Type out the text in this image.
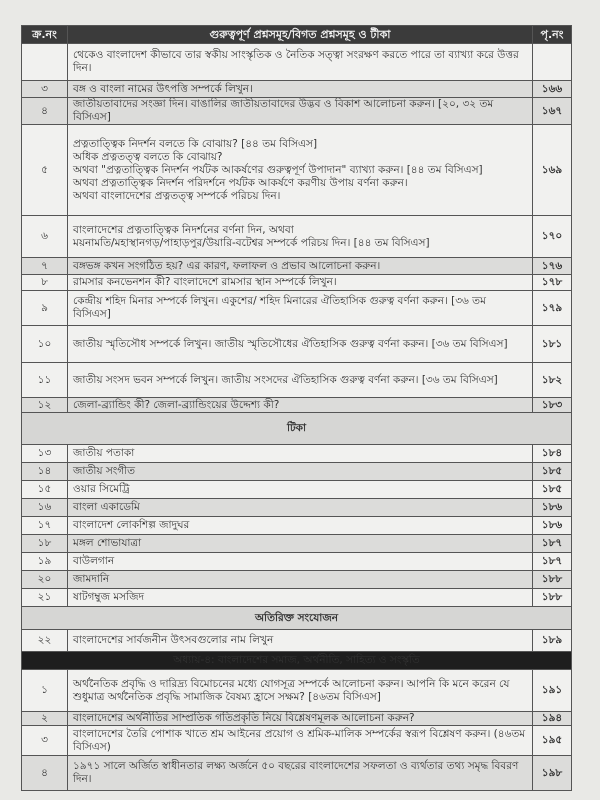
ক্র.নং	গুরুত্বপূর্ণ প্রশ্নসমূহ/বিগত প্রশ্নসমূহ ও টীকা	পৃ.নং
	থেকেও বাংলাদেশ কীভাবে তার স্বকীয় সাংস্কৃতিক ও নৈতিক সত্ত্বা সংরক্ষণ করতে পারে তা ব্যাখ্যা করে উত্তর দিন।	
৩	বঙ্গ ও বাংলা নামের উৎপত্তি সম্পর্কে লিখুন।	১৬৬
৪	জাতীয়তাবাদের সংজ্ঞা দিন। বাঙালির জাতীয়তাবাদের উদ্ভব ও বিকাশ আলোচনা করুন। [২০, ৩২ তম বিসিএস]	১৬৭
৫	প্রত্নতাত্ত্বিক নিদর্শন বলতে কি বোঝায়? [৪৪ তম বিসিএস]
অধিক প্রত্নতত্ত্ব বলতে কি বোঝায়?
অথবা "প্রত্নতাত্ত্বিক নিদর্শন পর্যটক আকর্ষণের গুরুত্বপূর্ণ উপাদান" ব্যাখ্যা করুন। [৪৪ তম বিসিএস]
অথবা প্রত্নতাত্ত্বিক নিদর্শন পরিদর্শনে পর্যটক আকর্ষণে করণীয় উপায় বর্ণনা করুন।
অথবা বাংলাদেশের প্রত্নতত্ত্ব সম্পর্কে পরিচয় দিন।	১৬৯
৬	বাংলাদেশের প্রত্নতাত্ত্বিক নিদর্শনের বর্ণনা দিন, অথবা
ময়নামতি/মহাস্থানগড়/পাহাড়পুর/উয়ারি-বটেশ্বর সম্পর্কে পরিচয় দিন। [৪৪ তম বিসিএস]	১৭০
৭	বঙ্গভঙ্গ কখন সংগঠিত হয়? এর কারণ, ফলাফল ও প্রভাব আলোচনা করুন।	১৭৬
৮	রামসার কনভেনশন কী? বাংলাদেশে রামসার স্থান সম্পর্কে লিখুন।	১৭৮
৯	কেন্দ্রীয় শহিদ মিনার সম্পর্কে লিখুন। একুশের/ শহিদ মিনারের ঐতিহাসিক গুরুত্ব বর্ণনা করুন। [৩৬ তম বিসিএস]	১৭৯
১০	জাতীয় স্মৃতিসৌধ সম্পর্কে লিখুন। জাতীয় স্মৃতিসৌধের ঐতিহাসিক গুরুত্ব বর্ণনা করুন। [৩৬ তম বিসিএস]	১৮১
১১	জাতীয় সংসদ ভবন সম্পর্কে লিখুন। জাতীয় সংসদের ঐতিহাসিক গুরুত্ব বর্ণনা করুন। [৩৬ তম বিসিএস]	১৮২
১২	জেলা-ব্র্যান্ডিং কী? জেলা-ব্র্যান্ডিংয়ের উদ্দেশ্য কী?	১৮৩
টিকা		
১৩	জাতীয় পতাকা	১৮৪
১৪	জাতীয় সংগীত	১৮৫
১৫	ওয়ার সিমেট্রি	১৮৫
১৬	বাংলা একাডেমি	১৮৬
১৭	বাংলাদেশ লোকশিল্প জাদুঘর	১৮৬
১৮	মঙ্গল শোভাযাত্রা	১৮৭
১৯	বাউলগান	১৮৭
২০	জামদানি	১৮৮
২১	ষাটগম্বুজ মসজিদ	১৮৮
অতিরিক্ত সংযোজন		
২২	বাংলাদেশের সার্বজনীন উৎসবগুলোর নাম লিখুন	১৮৯
অধ্যায়-৪: বাংলাদেশের সমাজ, অর্থনীতি, সাহিত্য ও সংস্কৃতি		
১	অর্থনৈতিক প্রবৃদ্ধি ও দারিদ্র্য বিমোচনের মধ্যে যোগসূত্র সম্পর্কে আলোচনা করুন। আপনি কি মনে করেন যে শুধুমাত্র অর্থনৈতিক প্রবৃদ্ধি সামাজিক বৈষম্য হ্রাসে সক্ষম? [৪৬তম বিসিএস]	১৯১
২	বাংলাদেশের অর্থনীতির সাম্প্রতিক গতিপ্রকৃতি নিয়ে বিশ্লেষণমূলক আলোচনা করুন?	১৯৪
৩	বাংলাদেশের তৈরি পোশাক খাতে শ্রম আইনের প্রয়োগ ও শ্রমিক-মালিক সম্পর্কের স্বরূপ বিশ্লেষণ করুন। (৪৬তম বিসিএস)	১৯৫
৪	১৯৭১ সালে অর্জিত স্বাধীনতার লক্ষ্য অর্জনে ৫০ বছরের বাংলাদেশের সফলতা ও ব্যর্থতার তথ্য সমৃদ্ধ বিবরণ দিন।	১৯৮
